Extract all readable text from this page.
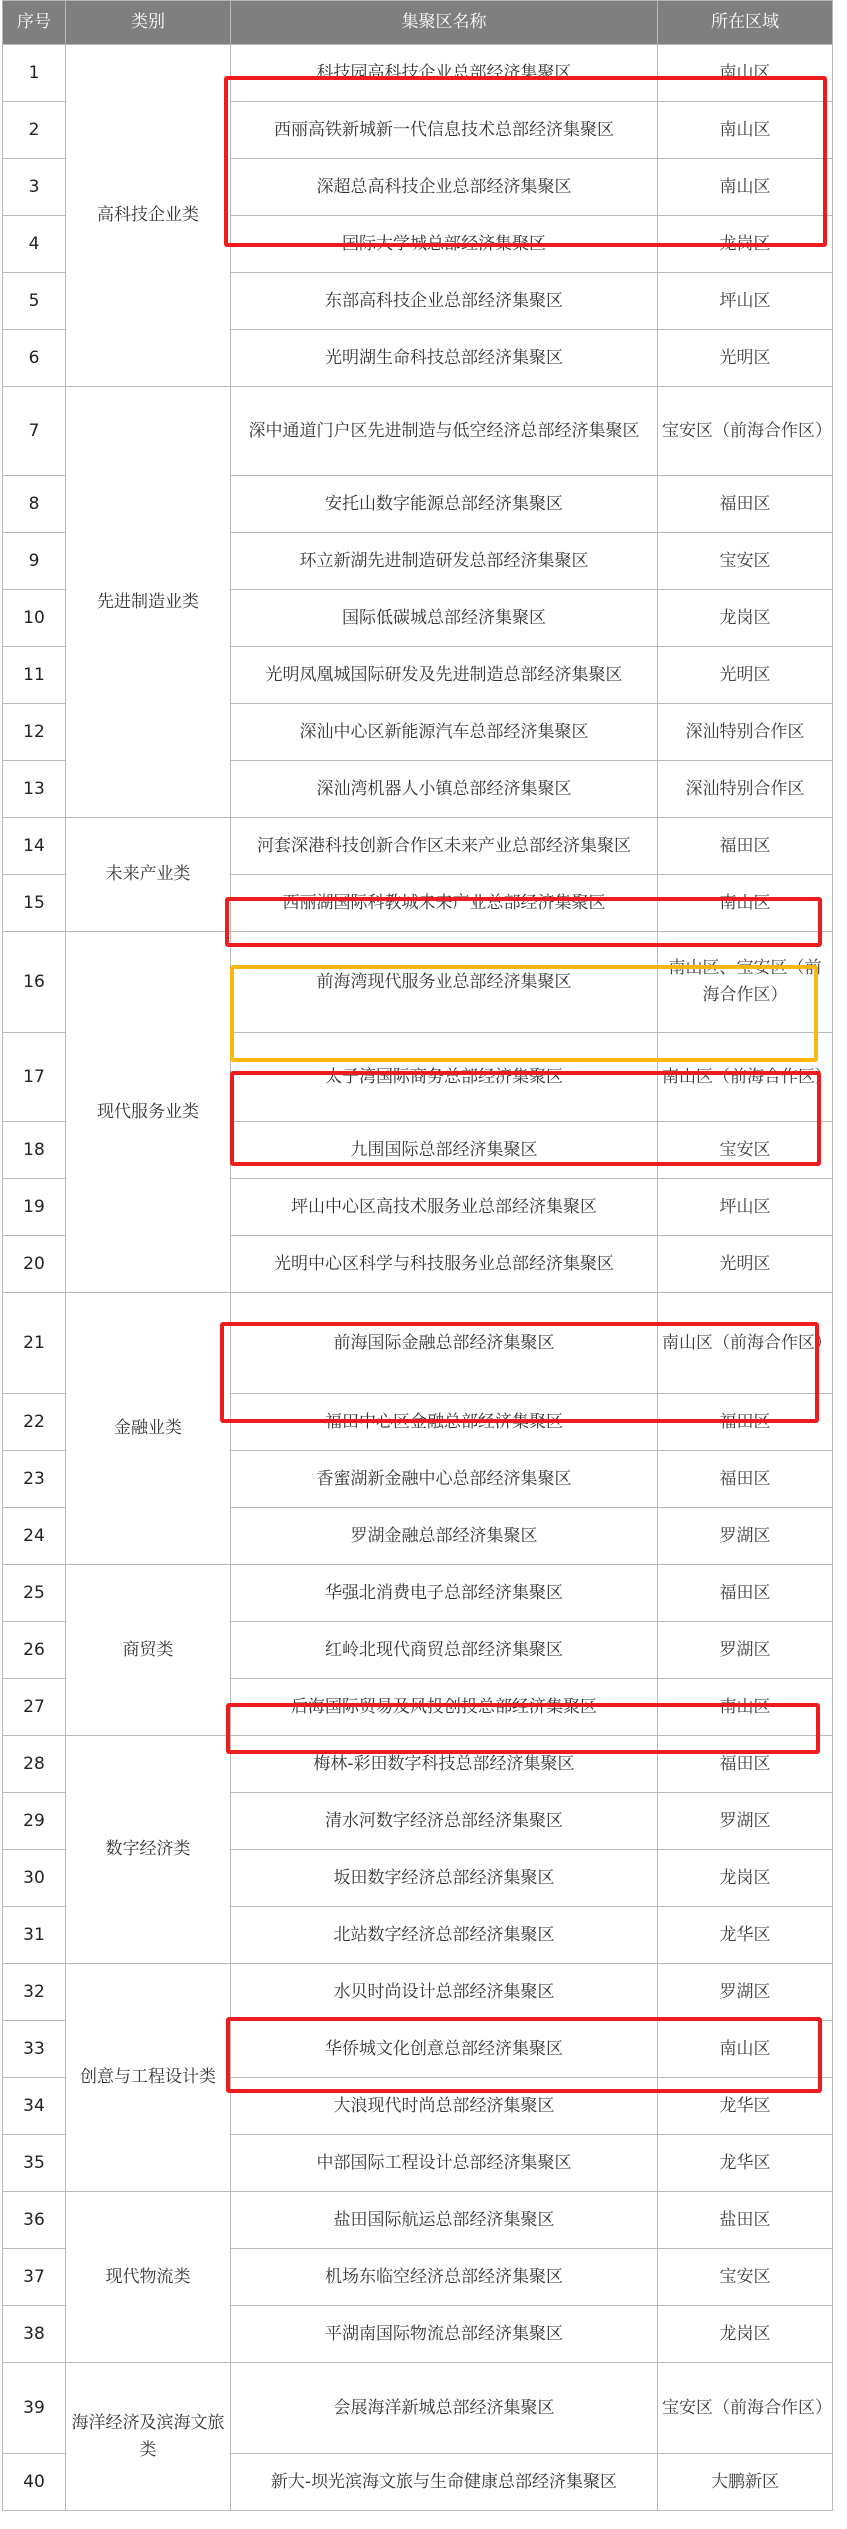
序号	类别	集聚区名称	所在区域
1	高科技企业类	科技园高科技企业总部经济集聚区	南山区
2		西丽高铁新城新一代信息技术总部经济集聚区	南山区
3		深超总高科技企业总部经济集聚区	南山区
4		国际大学城总部经济集聚区	龙岗区
5		东部高科技企业总部经济集聚区	坪山区
6		光明湖生命科技总部经济集聚区	光明区
7	先进制造业类	深中通道门户区先进制造与低空经济总部经济集聚区	宝安区（前海合作区）
8		安托山数字能源总部经济集聚区	福田区
9		环立新湖先进制造研发总部经济集聚区	宝安区
10		国际低碳城总部经济集聚区	龙岗区
11		光明凤凰城国际研发及先进制造总部经济集聚区	光明区
12		深汕中心区新能源汽车总部经济集聚区	深汕特别合作区
13		深汕湾机器人小镇总部经济集聚区	深汕特别合作区
14	未来产业类	河套深港科技创新合作区未来产业总部经济集聚区	福田区
15		西丽湖国际科教城未来产业总部经济集聚区	南山区
16	现代服务业类	前海湾现代服务业总部经济集聚区	南山区、宝安区（前海合作区）
17		太子湾国际商务总部经济集聚区	南山区（前海合作区）
18		九围国际总部经济集聚区	宝安区
19		坪山中心区高技术服务业总部经济集聚区	坪山区
20		光明中心区科学与科技服务业总部经济集聚区	光明区
21	金融业类	前海国际金融总部经济集聚区	南山区（前海合作区）
22		福田中心区金融总部经济集聚区	福田区
23		香蜜湖新金融中心总部经济集聚区	福田区
24		罗湖金融总部经济集聚区	罗湖区
25	商贸类	华强北消费电子总部经济集聚区	福田区
26		红岭北现代商贸总部经济集聚区	罗湖区
27		后海国际贸易及风投创投总部经济集聚区	南山区
28	数字经济类	梅林-彩田数字科技总部经济集聚区	福田区
29		清水河数字经济总部经济集聚区	罗湖区
30		坂田数字经济总部经济集聚区	龙岗区
31		北站数字经济总部经济集聚区	龙华区
32	创意与工程设计类	水贝时尚设计总部经济集聚区	罗湖区
33		华侨城文化创意总部经济集聚区	南山区
34		大浪现代时尚总部经济集聚区	龙华区
35		中部国际工程设计总部经济集聚区	龙华区
36	现代物流类	盐田国际航运总部经济集聚区	盐田区
37		机场东临空经济总部经济集聚区	宝安区
38		平湖南国际物流总部经济集聚区	龙岗区
39	海洋经济及滨海文旅类	会展海洋新城总部经济集聚区	宝安区（前海合作区）
40		新大-坝光滨海文旅与生命健康总部经济集聚区	大鹏新区
